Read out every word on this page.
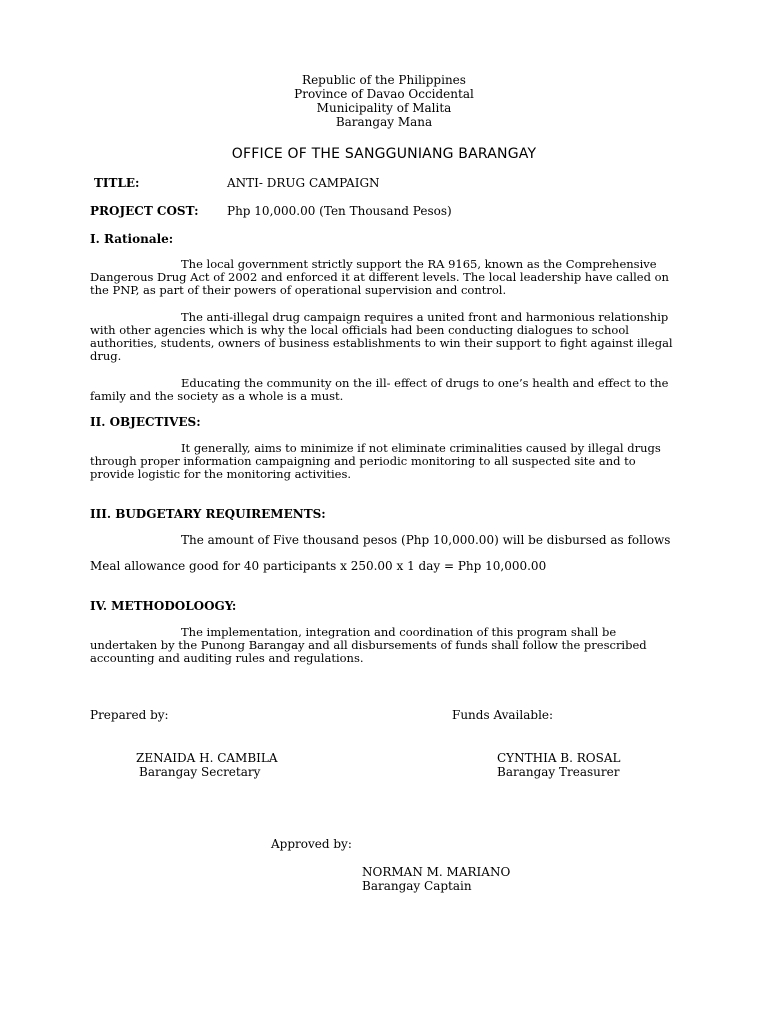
Republic of the Philippines
Province of Davao Occidental
Municipality of Malita
Barangay Mana
OFFICE OF THE SANGGUNIANG BARANGAY
TITLE:	ANTI- DRUG CAMPAIGN
PROJECT COST: Php 10,000.00 (Ten Thousand Pesos)
I. Rationale:
The local government strictly support the RA 9165, known as the Comprehensive Dangerous Drug Act of 2002 and enforced it at different levels. The local leadership have called on the PNP, as part of their powers of operational supervision and control.
The anti-illegal drug campaign requires a united front and harmonious relationship with other agencies which is why the local officials had been conducting dialogues to school authorities, students, owners of business establishments to win their support to fight against illegal drug.
Educating the community on the ill- effect of drugs to one’s health and effect to the family and the society as a whole is a must.
II. OBJECTIVES:
It generally, aims to minimize if not eliminate criminalities caused by illegal drugs through proper information campaigning and periodic monitoring to all suspected site and to provide logistic for the monitoring activities.
III. BUDGETARY REQUIREMENTS:
The amount of Five thousand pesos (Php 10,000.00) will be disbursed as follows
Meal allowance good for 40 participants x 250.00 x 1 day = Php 10,000.00
IV. METHODOLOOGY:
The implementation, integration and coordination of this program shall be undertaken by the Punong Barangay and all disbursements of funds shall follow the prescribed accounting and auditing rules and regulations.
Prepared by:	Funds Available:
ZENAIDA H. CAMBILA
Barangay Secretary
CYNTHIA B. ROSAL
Barangay Treasurer
Approved by:
NORMAN M. MARIANO
Barangay Captain
